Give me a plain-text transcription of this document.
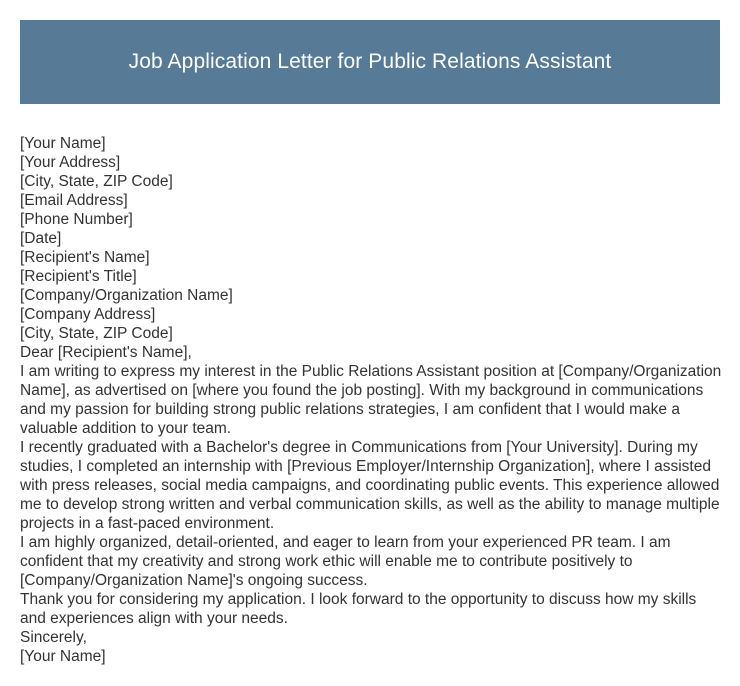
Job Application Letter for Public Relations Assistant
[Your Name]
[Your Address]
[City, State, ZIP Code]
[Email Address]
[Phone Number]
[Date]
[Recipient's Name]
[Recipient's Title]
[Company/Organization Name]
[Company Address]
[City, State, ZIP Code]
Dear [Recipient's Name],

I am writing to express my interest in the Public Relations Assistant position at [Company/Organization Name], as advertised on [where you found the job posting]. With my background in communications and my passion for building strong public relations strategies, I am confident that I would make a valuable addition to your team.

I recently graduated with a Bachelor's degree in Communications from [Your University]. During my studies, I completed an internship with [Previous Employer/Internship Organization], where I assisted with press releases, social media campaigns, and coordinating public events. This experience allowed me to develop strong written and verbal communication skills, as well as the ability to manage multiple projects in a fast-paced environment.

I am highly organized, detail-oriented, and eager to learn from your experienced PR team. I am confident that my creativity and strong work ethic will enable me to contribute positively to [Company/Organization Name]'s ongoing success.

Thank you for considering my application. I look forward to the opportunity to discuss how my skills and experiences align with your needs.

Sincerely,
[Your Name]
